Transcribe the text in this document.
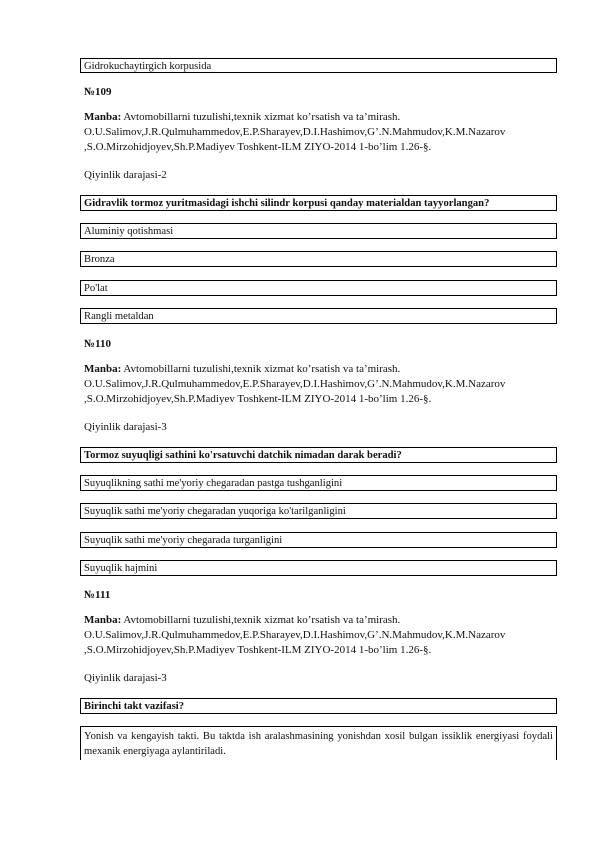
Gidrokuchaytirgich korpusida
№109
Manba: Avtomobillarni tuzulishi,texnik xizmat ko’rsatish va ta’mirash.
O.U.Salimov,J.R.Qulmuhammedov,E.P.Sharayev,D.I.Hashimov,G’.N.Mahmudov,K.M.Nazarov
,S.O.Mirzohidjoyev,Sh.P.Madiyev Toshkent-ILM ZIYO-2014 1-bo’lim 1.26-§.
Qiyinlik darajasi-2
Gidravlik tormoz yuritmasidagi ishchi silindr korpusi qanday materialdan tayyorlangan?
Aluminiy qotishmasi
Bronza
Po'lat
Rangli metaldan
№110
Manba: Avtomobillarni tuzulishi,texnik xizmat ko’rsatish va ta’mirash.
O.U.Salimov,J.R.Qulmuhammedov,E.P.Sharayev,D.I.Hashimov,G’.N.Mahmudov,K.M.Nazarov
,S.O.Mirzohidjoyev,Sh.P.Madiyev Toshkent-ILM ZIYO-2014 1-bo’lim 1.26-§.
Qiyinlik darajasi-3
Tormoz suyuqligi sathini ko'rsatuvchi datchik nimadan darak beradi?
Suyuqlikning sathi me'yoriy chegaradan pastga tushganligini
Suyuqlik sathi me'yoriy chegaradan yuqoriga ko'tarilganligini
Suyuqlik sathi me'yoriy chegarada turganligini
Suyuqlik hajmini
№111
Manba: Avtomobillarni tuzulishi,texnik xizmat ko’rsatish va ta’mirash.
O.U.Salimov,J.R.Qulmuhammedov,E.P.Sharayev,D.I.Hashimov,G’.N.Mahmudov,K.M.Nazarov
,S.O.Mirzohidjoyev,Sh.P.Madiyev Toshkent-ILM ZIYO-2014 1-bo’lim 1.26-§.
Qiyinlik darajasi-3
Birinchi takt vazifasi?
Yonish va kengayish takti. Bu taktda ish aralashmasining yonishdan xosil bulgan issiklik energiyasi foydali mexanik energiyaga aylantiriladi.
